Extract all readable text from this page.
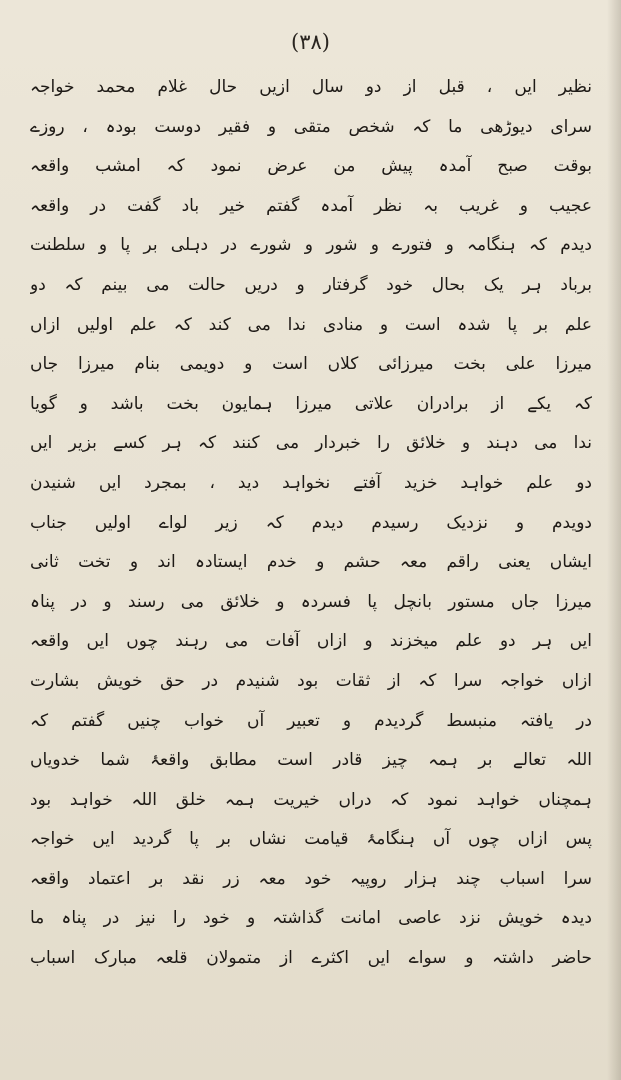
(٣٨)
نظیر ایں ، قبل از دو سال ازیں حال غلام محمد خواجہ
سرای دیوڑھی ما کہ شخص متقی و فقیر دوست بودہ ، روزے
بوقت صبح آمدہ پیش من عرض نمود کہ امشب واقعہ
عجیب و غریب بہ نظر آمدہ گفتم خیر باد گفت در واقعہ
دیدم کہ ہنگامہ و فتورے و شور و شورے در دہلی بر پا و سلطنت
برباد ہر یک بحال خود گرفتار و دریں حالت می بینم کہ دو
علم بر پا شدہ است و منادی ندا می کند کہ علم اولیں ازاں
میرزا علی بخت میرزائی کلاں است و دویمی بنام میرزا جاں
کہ یکے از برادران علاتی میرزا ہمایون بخت باشد و گویا
ندا می دہند و خلائق را خبردار می کنند کہ ہر کسے بزیر ایں
دو علم خواہد خزید آفتے نخواہد دید ، بمجرد ایں شنیدن
دویدم و نزدیک رسیدم دیدم کہ زیر لواے اولیں جناب
ایشاں یعنی راقم معہ حشم و خدم ایستادہ اند و تخت ثانی
میرزا جاں مستور بانچل پا فسردہ و خلائق می رسند و در پناہ
ایں ہر دو علم میخزند و ازاں آفات می رہند چوں ایں واقعہ
ازاں خواجہ سرا کہ از ثقات بود شنیدم در حق خویش بشارت
در یافتہ منبسط گردیدم و تعبیر آں خواب چنیں گفتم کہ
اللہ تعالے بر ہمہ چیز قادر است مطابق واقعۂ شما خدویاں
ہمچناں خواہد نمود کہ دراں خیریت ہمہ خلق اللہ خواہد بود
پس ازاں چوں آں ہنگامۂ قیامت نشاں بر پا گردید ایں خواجہ
سرا اسباب چند ہزار روپیہ خود معہ زر نقد بر اعتماد واقعہ
دیدہ خویش نزد عاصی امانت گذاشتہ و خود را نیز در پناہ ما
حاضر داشتہ و سواے ایں اکثرے از متمولان قلعہ مبارک اسباب
